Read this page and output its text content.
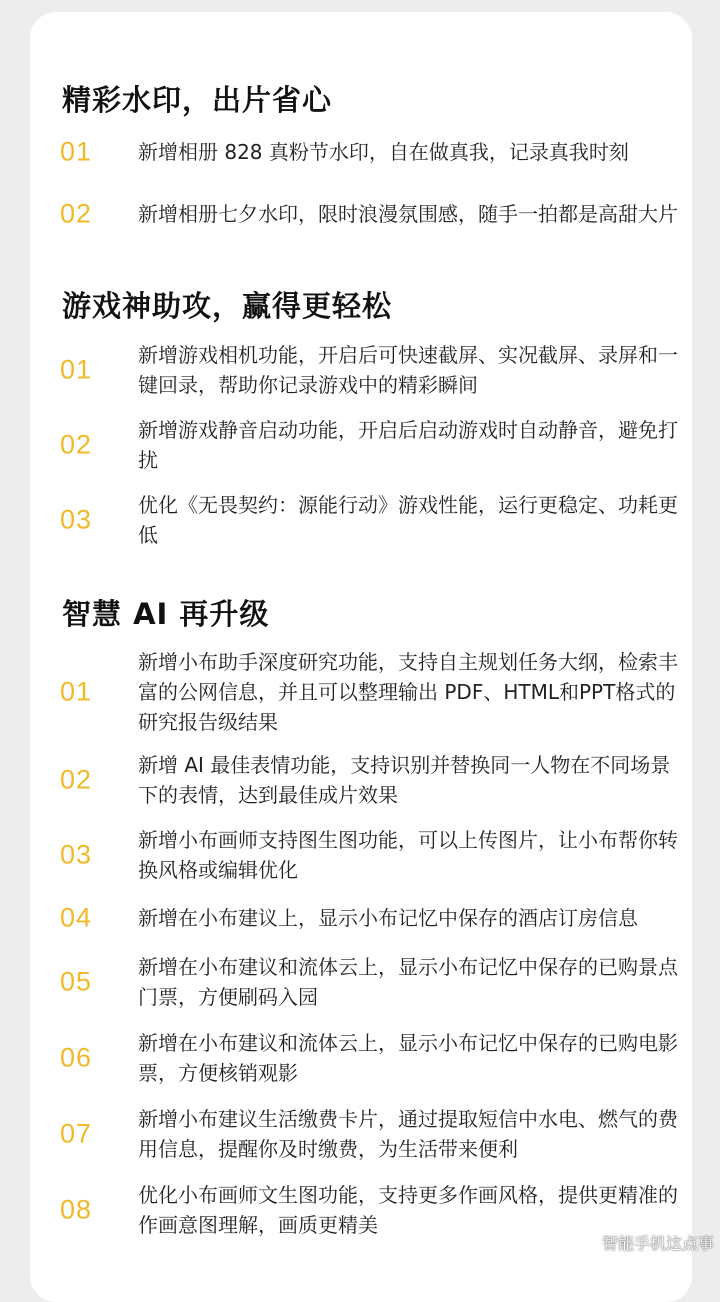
精彩水印，出片省心
01 新增相册 828 真粉节水印，自在做真我，记录真我时刻
02 新增相册七夕水印，限时浪漫氛围感，随手一拍都是高甜大片
游戏神助攻，赢得更轻松
01 新增游戏相机功能，开启后可快速截屏、实况截屏、录屏和一键回录，帮助你记录游戏中的精彩瞬间
02 新增游戏静音启动功能，开启后启动游戏时自动静音，避免打扰
03 优化《无畏契约：源能行动》游戏性能，运行更稳定、功耗更低
智慧 AI 再升级
01
新增小布助手深度研究功能，支持自主规划任务大纲，检索丰富的公网信息，并且可以整理输出 PDF、HTML和PPT格式的研究报告级结果
02 新增 AI 最佳表情功能，支持识别并替换同一人物在不同场景下的表情，达到最佳成片效果
03 新增小布画师支持图生图功能，可以上传图片，让小布帮你转换风格或编辑优化
04 新增在小布建议上，显示小布记忆中保存的酒店订房信息
05 新增在小布建议和流体云上，显示小布记忆中保存的已购景点门票，方便刷码入园
06 新增在小布建议和流体云上，显示小布记忆中保存的已购电影票，方便核销观影
07 新增小布建议生活缴费卡片，通过提取短信中水电、燃气的费用信息，提醒你及时缴费，为生活带来便利
08 优化小布画师文生图功能，支持更多作画风格，提供更精准的作画意图理解，画质更精美
智能手机这点事
